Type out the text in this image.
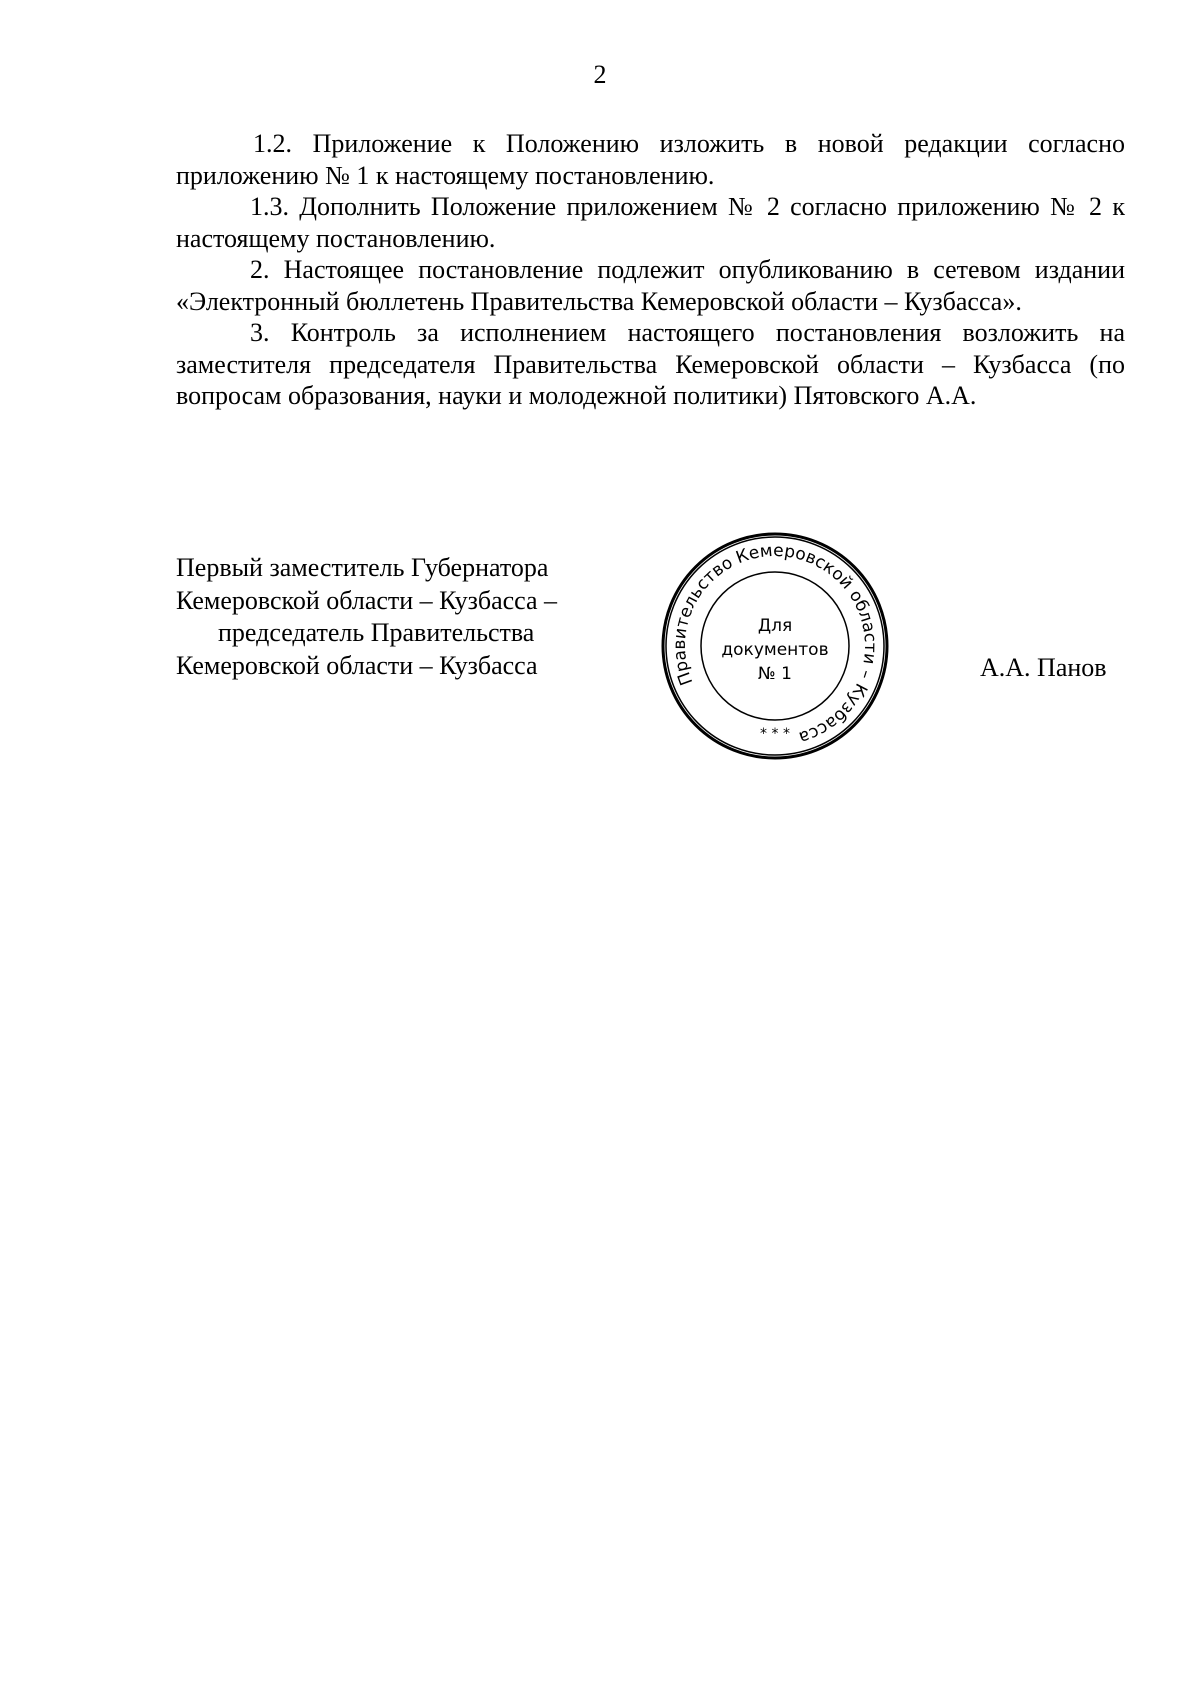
2

1.2. Приложение к Положению изложить в новой редакции согласно приложению № 1 к настоящему постановлению.

1.3. Дополнить Положение приложением № 2 согласно приложению № 2 к настоящему постановлению.

2. Настоящее постановление подлежит опубликованию в сетевом издании «Электронный бюллетень Правительства Кемеровской области – Кузбасса».

3. Контроль за исполнением настоящего постановления возложить на заместителя председателя Правительства Кемеровской области – Кузбасса (по вопросам образования, науки и молодежной политики) Пятовского А.А.

Первый заместитель Губернатора
Кемеровской области – Кузбасса –
председатель Правительства
Кемеровской области – Кузбасса	Правительство Кемеровской области – Кузбасса
Для
документов
№ 1
* * *
А.А. Панов
